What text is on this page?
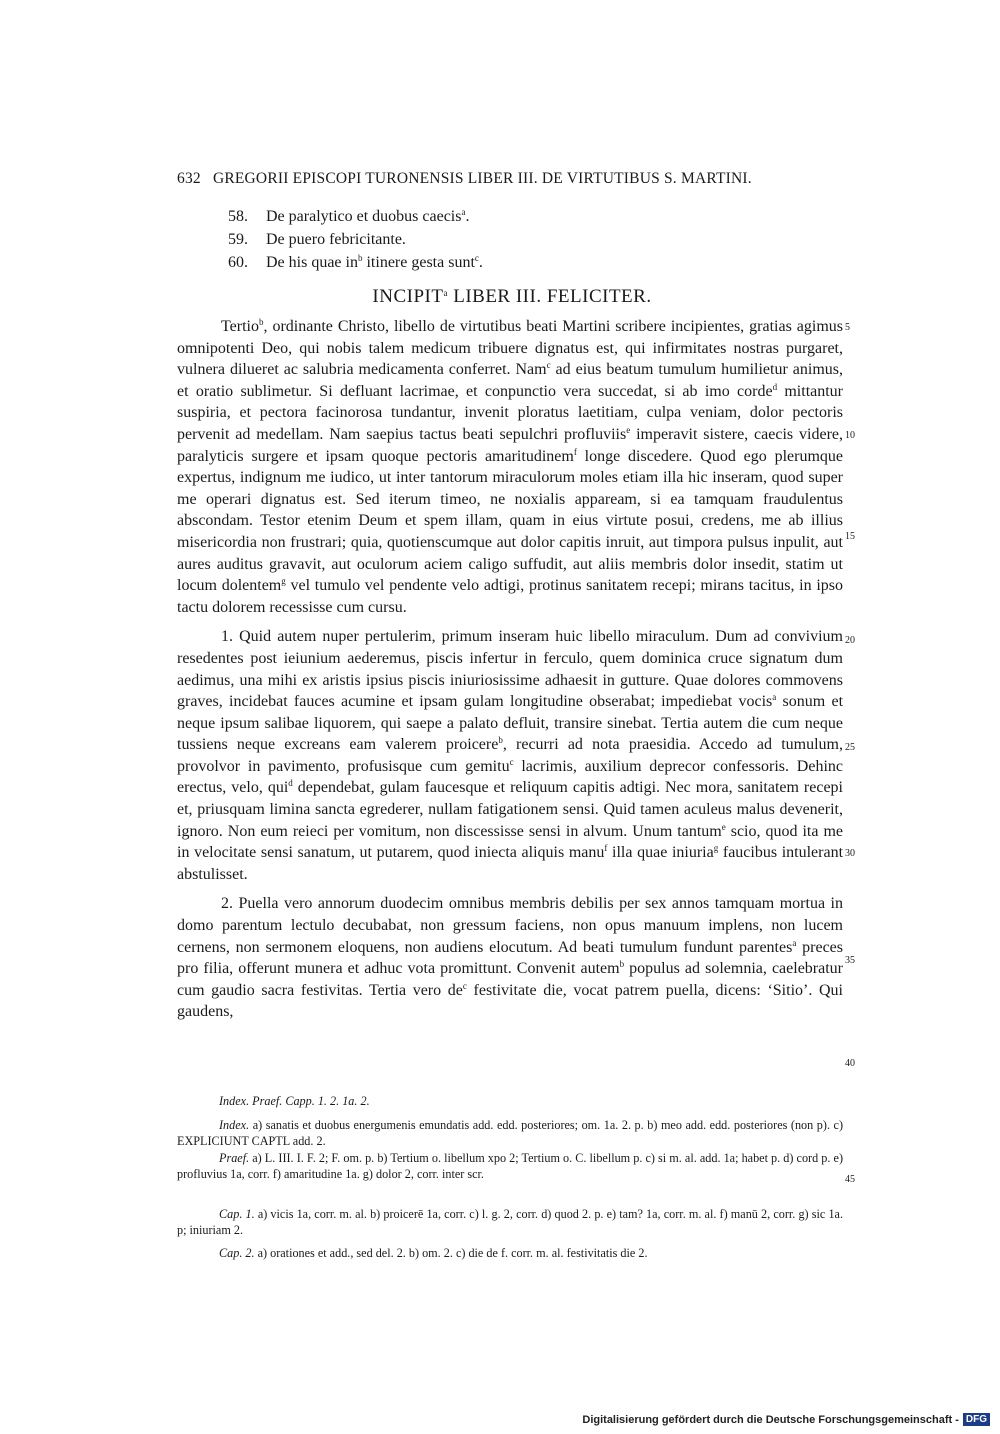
632 GREGORII EPISCOPI TURONENSIS LIBER III. DE VIRTUTIBUS S. MARTINI.
58. De paralytico et duobus caecis$^a$.
59. De puero febricitante.
60. De his quae $in^b$ itinere gesta sunt$^c$.
INCIPIT$^a$ LIBER III. FELICITER.

Tertio$^b$, ordinante Christo, libello de virtutibus beati Martini scribere incipientes, gratias agimus omnipotenti Deo, qui nobis talem medicum tribuere dignatus est, qui infirmitates nostras purgaret, vulnera dilueret ac salubria medicamenta conferret. Nam$^c$ ad eius beatum tumulum humilietur animus, et oratio sublimetur. Si defluant lacrimae, et conpunctio vera succedat, si ab imo corde$^d$ mittantur suspiria, et pectora facinorosa tundantur, invenit ploratus laetitiam, culpa veniam, dolor pectoris pervenit ad medellam. Nam saepius tactus beati sepulchri profluviis$^e$ imperavit sistere, caecis videre, paralyticis surgere et ipsam quoque pectoris amaritudinem$^f$ longe discedere. Quod ego plerumque expertus, indignum me iudico, ut inter tantorum miraculorum moles etiam illa hic inseram, quod super me operari dignatus est. Sed iterum timeo, ne noxialis appaream, si ea tamquam fraudulentus abscondam. Testor etenim Deum et spem illam, quam in eius virtute posui, credens, me ab illius misericordia non frustrari; quia, quotienscumque aut dolor capitis inruit, aut timpora pulsus inpulit, aut aures auditus gravavit, aut oculorum aciem caligo suffudit, aut aliis membris dolor insedit, statim ut locum dolentem$^g$ vel tumulo vel pendente velo adtigi, protinus sanitatem recepi; mirans tacitus, in ipso tactu dolorem recessisse cum cursu.

1. Quid autem nuper pertulerim, primum inseram huic libello miraculum. Dum ad convivium resedentes post ieiunium aederemus, piscis infertur in ferculo, quem dominica cruce signatum dum aedimus, una mihi ex aristis ipsius piscis iniuriosissime adhaesit in gutture. Quae dolores commovens graves, incidebat fauces acumine et ipsam gulam longitudine obserabat; impediebat vocis$^a$ sonum et neque ipsum salibae liquorem, qui saepe a palato defluit, transire sinebat. Tertia autem die cum neque tussiens neque excreans eam valerem proicere$^b$, recurri ad nota praesidia. Accedo ad tumulum, provolvor in pavimento, profusisque cum gemitu$^c$ lacrimis, auxilium deprecor confessoris. Dehinc erectus, velo, qui$^d$ dependebat, gulam faucesque et reliquum capitis adtigi. Nec mora, sanitatem recepi et, priusquam limina sancta egrederer, nullam fatigationem sensi. Quid tamen aculeus malus devenerit, ignoro. Non eum reieci per vomitum, non discessisse sensi in alvum. Unum tantum$^e$ scio, quod ita me in velocitate sensi sanatum, ut putarem, quod iniecta aliquis manu$^f$ illa quae iniuria$^g$ faucibus intulerant abstulisset.

2. Puella vero annorum duodecim omnibus membris debilis per sex annos tamquam mortua in domo parentum lectulo decubabat, non gressum faciens, non opus manuum implens, non lucem cernens, non sermonem eloquens, non audiens elocutum. Ad beati tumulum fundunt parentes$^a$ preces pro filia, offerunt munera et adhuc vota promittunt. Convenit autem$^b$ populus ad solemnia, caelebratur cum gaudio sacra festivitas. Tertia vero $de^c$ festivitate die, vocat patrem puella, dicens: ‘Sitio’. Qui gaudens,

5
10
15
20
25
30
35
40
45
Index. Praef. Capp. 1. 2. 1a. 2.
Index. a) sanatis et duobus energumenis emundatis add. edd. posteriores; om. 1a. 2. p. b) meo add. edd. posteriores (non p). c) EXPLICIUNT CAPTL add. 2.
Praef. a) L. III. I. F. 2; F. om. p. b) Tertium o. libellum xpo 2; Tertium o. C. libellum p. c) si m. al. add. 1a; habet p. d) cord p. e) profluvius 1a, corr. f) amaritudine 1a. g) dolor 2, corr. inter scr.
Cap. 1. a) vicis 1a, corr. m. al. b) proicerē 1a, corr. c) l. g. 2, corr. d) quod 2. p. e) tam? 1a, corr. m. al. f) manū 2, corr. g) sic 1a. p; iniuriam 2.
Cap. 2. a) orationes et add., sed del. 2. b) om. 2. c) die de f. corr. m. al. festivitatis die 2.
Digitalisierung gefördert durch die Deutsche Forschungsgemeinschaft - DFG
